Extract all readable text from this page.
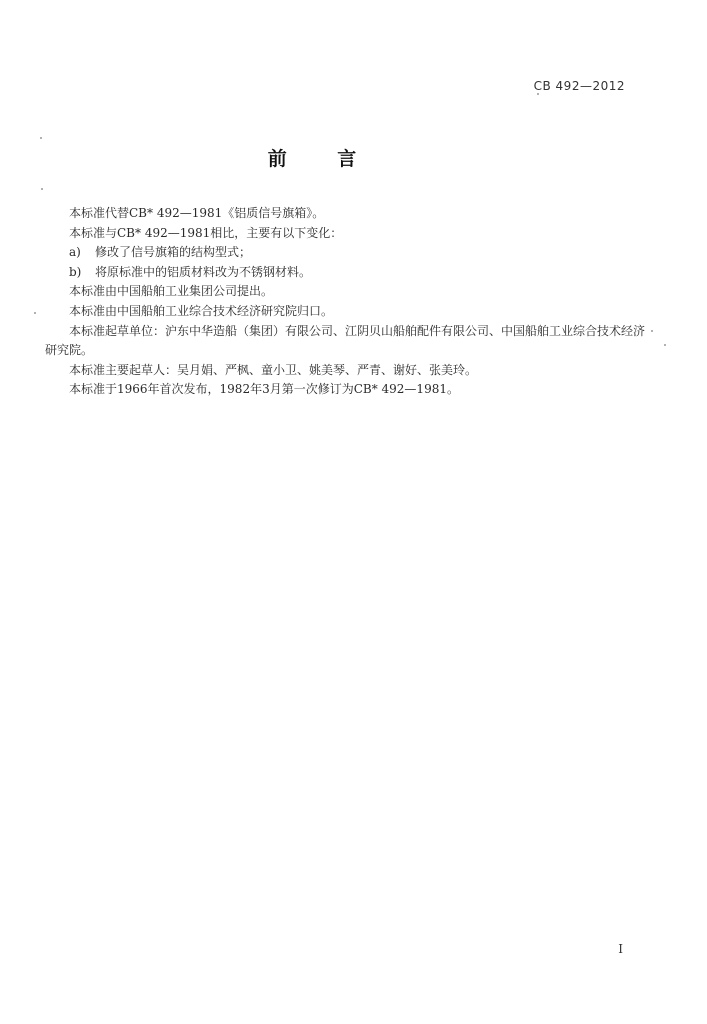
CB 492—2012
前 言

本标准代替CB* 492—1981《铝质信号旗箱》。

本标准与CB* 492—1981相比，主要有以下变化：

a) 修改了信号旗箱的结构型式；

b) 将原标准中的铝质材料改为不锈钢材料。

本标准由中国船舶工业集团公司提出。

本标准由中国船舶工业综合技术经济研究院归口。

本标准起草单位：沪东中华造船（集团）有限公司、江阴贝山船舶配件有限公司、中国船舶工业综合技术经济研究院。

本标准主要起草人：吴月娟、严枫、童小卫、姚美琴、严青、谢好、张美玲。

本标准于1966年首次发布，1982年3月第一次修订为CB* 492—1981。

I
